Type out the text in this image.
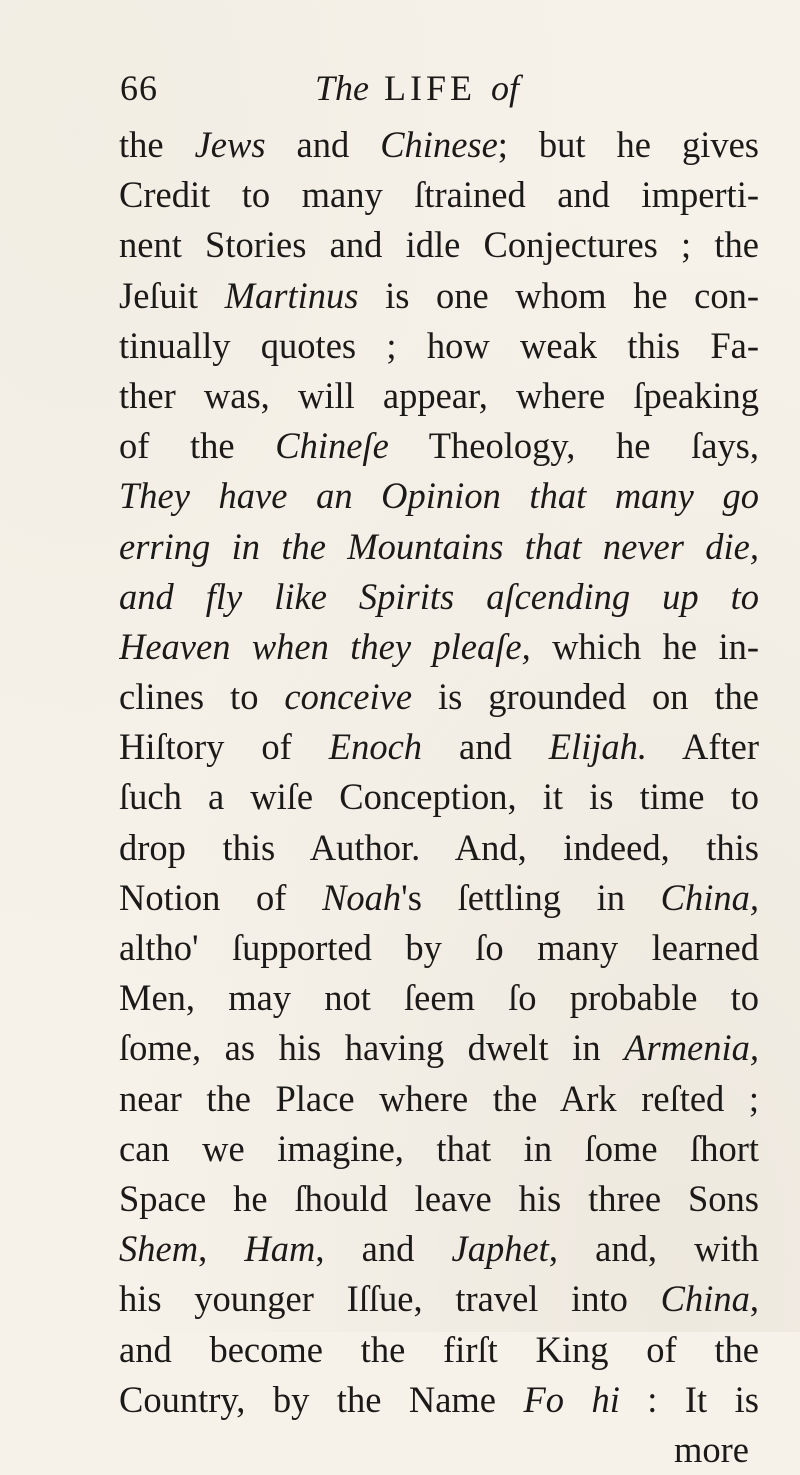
66	The LIFE of
the Jews and Chinese; but he gives
Credit to many ſtrained and imperti-
nent Stories and idle Conjectures ; the
Jeſuit Martinus is one whom he con-
tinually quotes ; how weak this Fa-
ther was, will appear, where ſpeaking
of the Chineſe Theology, he ſays,
They have an Opinion that many go
erring in the Mountains that never die,
and fly like Spirits aſcending up to
Heaven when they pleaſe, which he in-
clines to conceive is grounded on the
Hiſtory of Enoch and Elijah. After
ſuch a wiſe Conception, it is time to
drop this Author. And, indeed, this
Notion of Noah's ſettling in China,
altho' ſupported by ſo many learned
Men, may not ſeem ſo probable to
ſome, as his having dwelt in Armenia,
near the Place where the Ark reſted ;
can we imagine, that in ſome ſhort
Space he ſhould leave his three Sons
Shem, Ham, and Japhet, and, with
his younger Iſſue, travel into China,
and become the firſt King of the
Country, by the Name Fo hi : It is
more
